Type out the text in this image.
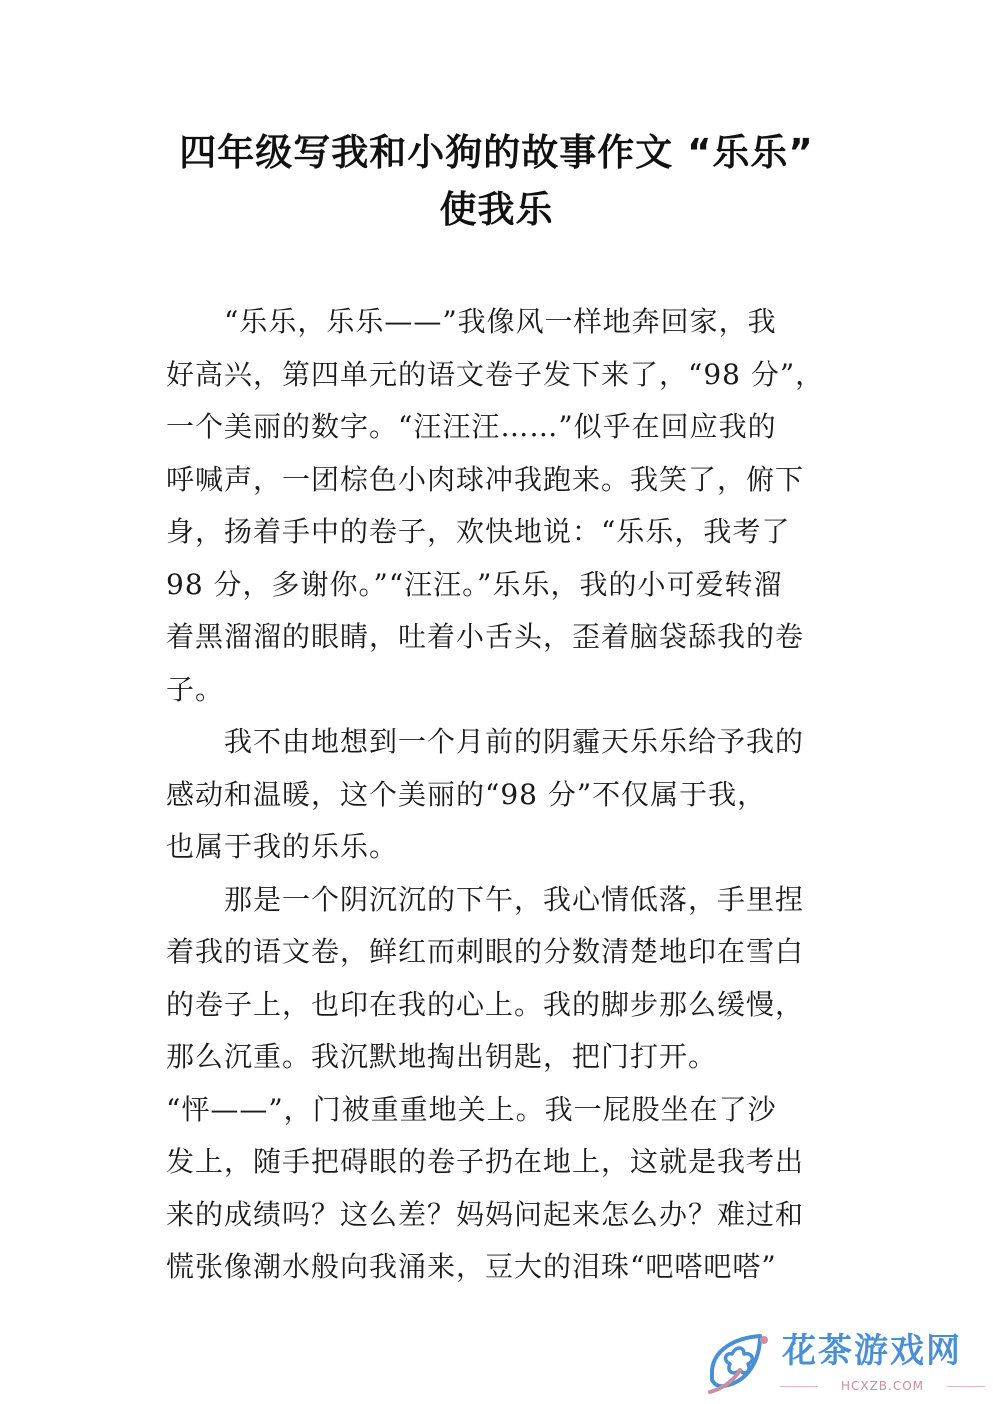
四年级写我和小狗的故事作文 “乐乐”
使我乐

“乐乐，乐乐——”我像风一样地奔回家，我
好高兴，第四单元的语文卷子发下来了，“98 分”，
一个美丽的数字。“汪汪汪……”似乎在回应我的
呼喊声，一团棕色小肉球冲我跑来。我笑了，俯下
身，扬着手中的卷子，欢快地说：“乐乐，我考了
98 分，多谢你。”“汪汪。”乐乐，我的小可爱转溜
着黑溜溜的眼睛，吐着小舌头，歪着脑袋舔我的卷
子。

我不由地想到一个月前的阴霾天乐乐给予我的
感动和温暖，这个美丽的“98 分”不仅属于我，
也属于我的乐乐。

那是一个阴沉沉的下午，我心情低落，手里捏
着我的语文卷，鲜红而刺眼的分数清楚地印在雪白
的卷子上，也印在我的心上。我的脚步那么缓慢，
那么沉重。我沉默地掏出钥匙，把门打开。
“怦——”，门被重重地关上。我一屁股坐在了沙
发上，随手把碍眼的卷子扔在地上，这就是我考出
来的成绩吗？这么差？妈妈问起来怎么办？难过和
慌张像潮水般向我涌来，豆大的泪珠“吧嗒吧嗒”

花茶游戏网
HCXZB.COM
